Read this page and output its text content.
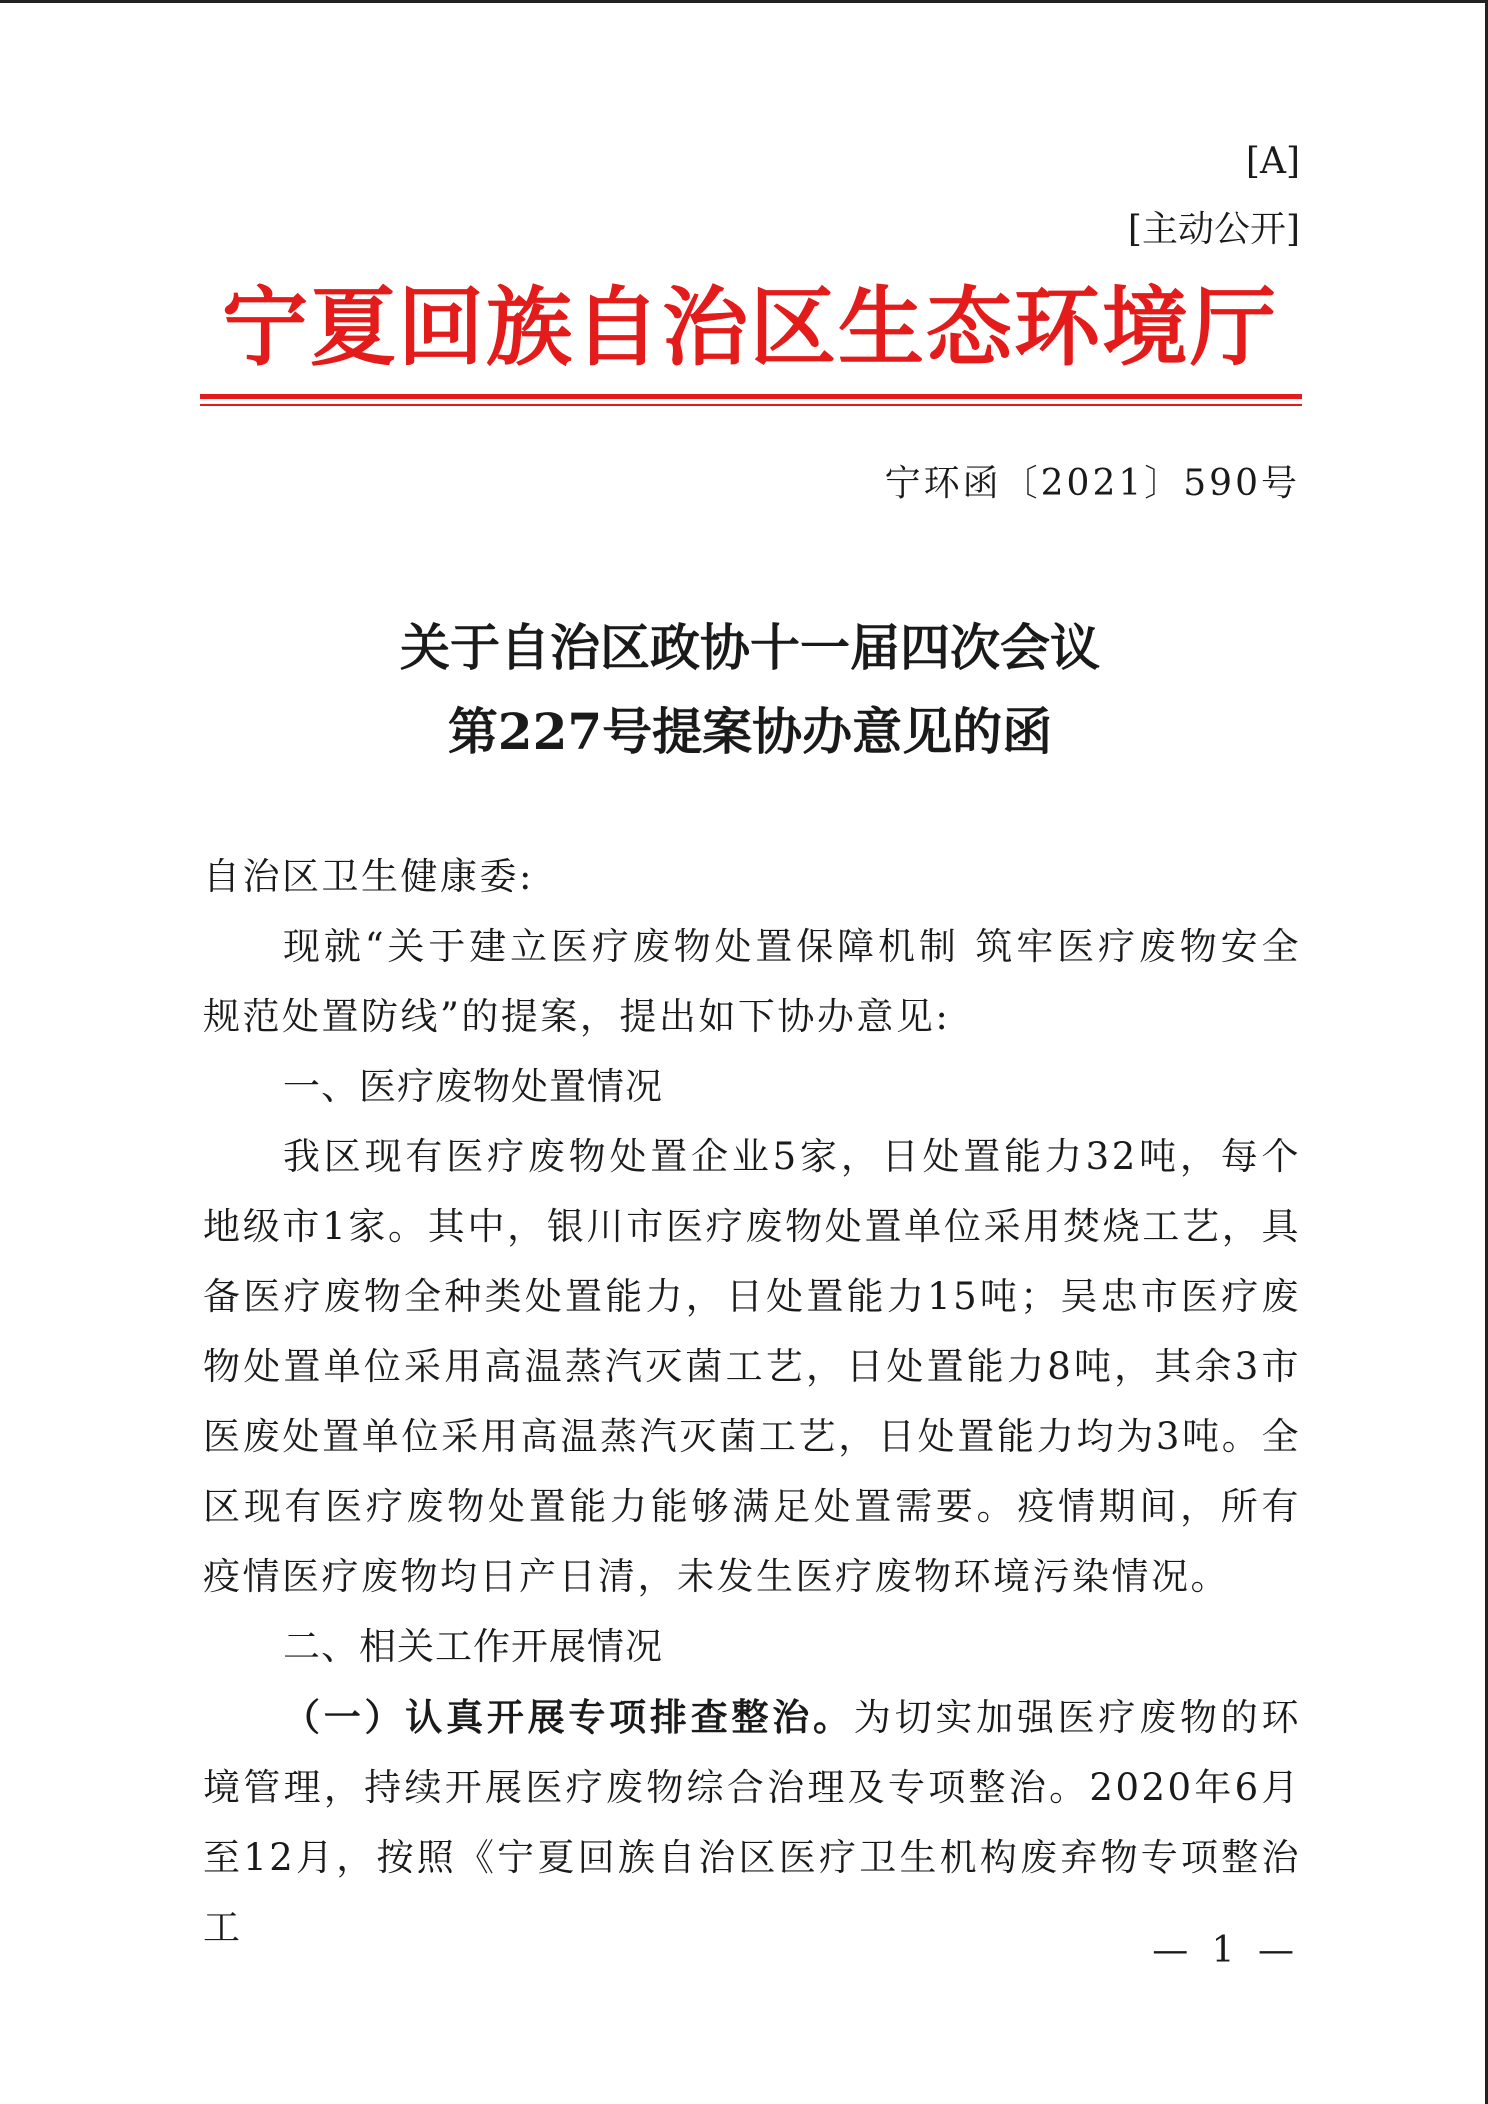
[A]
[主动公开]
宁夏回族自治区生态环境厅
宁环函〔2021〕590号
关于自治区政协十一届四次会议
第227号提案协办意见的函

自治区卫生健康委:

现就“关于建立医疗废物处置保障机制 筑牢医疗废物安全规范处置防线”的提案，提出如下协办意见:

一、医疗废物处置情况

我区现有医疗废物处置企业5家，日处置能力32吨，每个地级市1家。其中，银川市医疗废物处置单位采用焚烧工艺，具备医疗废物全种类处置能力，日处置能力15吨；吴忠市医疗废物处置单位采用高温蒸汽灭菌工艺，日处置能力8吨，其余3市医废处置单位采用高温蒸汽灭菌工艺，日处置能力均为3吨。全区现有医疗废物处置能力能够满足处置需要。疫情期间，所有疫情医疗废物均日产日清，未发生医疗废物环境污染情况。

二、相关工作开展情况

（一）认真开展专项排查整治。为切实加强医疗废物的环境管理，持续开展医疗废物综合治理及专项整治。2020年6月至12月，按照《宁夏回族自治区医疗卫生机构废弃物专项整治工

— 1 —
